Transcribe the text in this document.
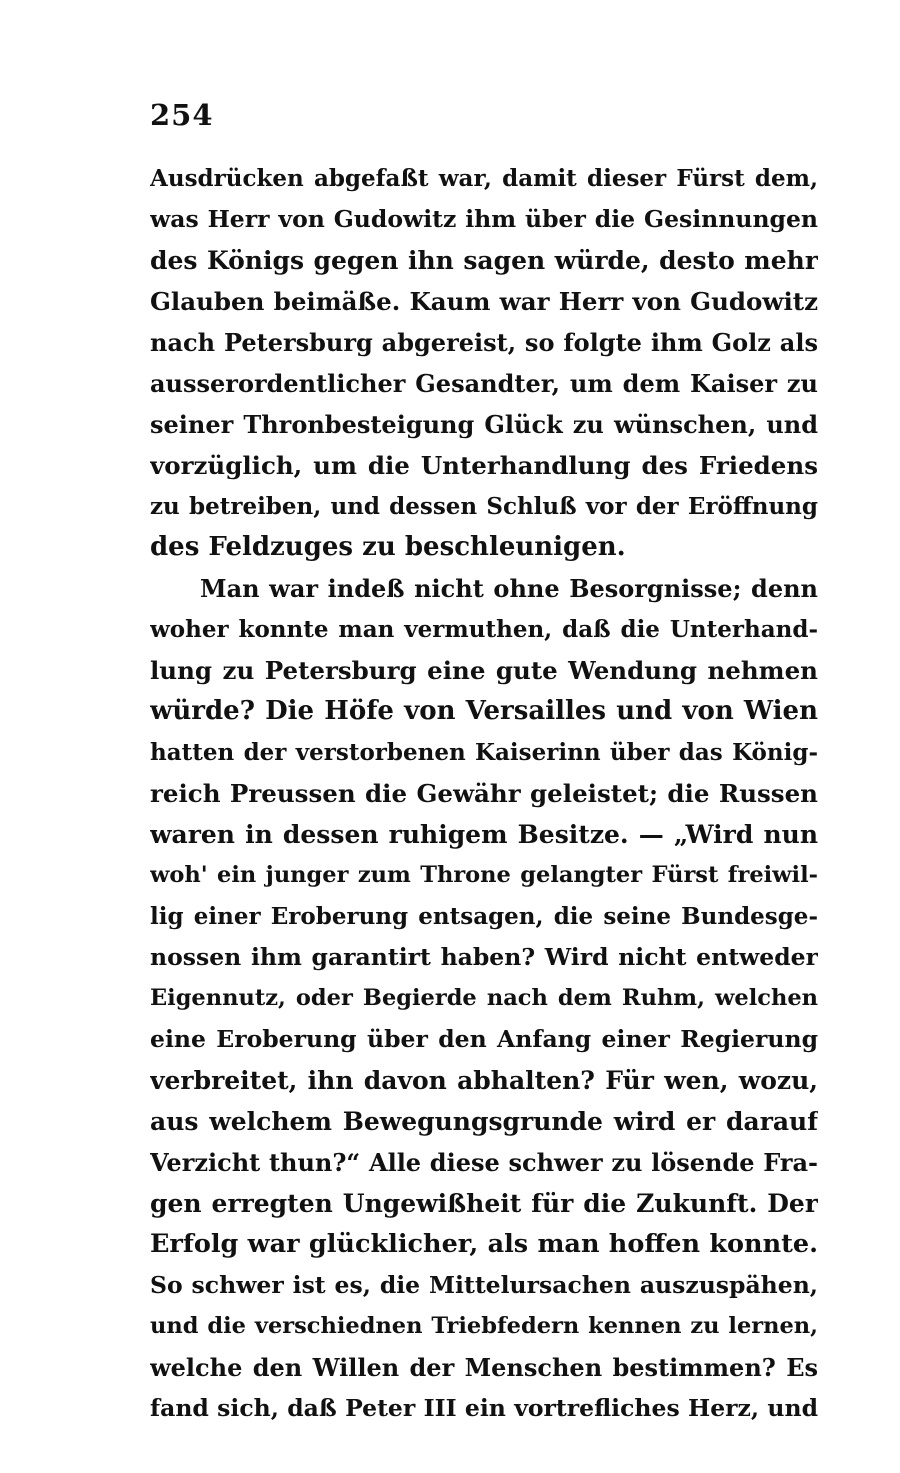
254
Ausdrücken abgefaßt war, damit dieser Fürst dem,
was Herr von Gudowitz ihm über die Gesinnungen
des Königs gegen ihn sagen würde, desto mehr
Glauben beimäße. Kaum war Herr von Gudowitz
nach Petersburg abgereist, so folgte ihm Golz als
ausserordentlicher Gesandter, um dem Kaiser zu
seiner Thronbesteigung Glück zu wünschen, und
vorzüglich, um die Unterhandlung des Friedens
zu betreiben, und dessen Schluß vor der Eröffnung
des Feldzuges zu beschleunigen.
Man war indeß nicht ohne Besorgnisse; denn
woher konnte man vermuthen, daß die Unterhand-
lung zu Petersburg eine gute Wendung nehmen
würde? Die Höfe von Versailles und von Wien
hatten der verstorbenen Kaiserinn über das König-
reich Preussen die Gewähr geleistet; die Russen
waren in dessen ruhigem Besitze. — „Wird nun
woh' ein junger zum Throne gelangter Fürst freiwil-
lig einer Eroberung entsagen, die seine Bundesge-
nossen ihm garantirt haben? Wird nicht entweder
Eigennutz, oder Begierde nach dem Ruhm, welchen
eine Eroberung über den Anfang einer Regierung
verbreitet, ihn davon abhalten? Für wen, wozu,
aus welchem Bewegungsgrunde wird er darauf
Verzicht thun?“ Alle diese schwer zu lösende Fra-
gen erregten Ungewißheit für die Zukunft. Der
Erfolg war glücklicher, als man hoffen konnte.
So schwer ist es, die Mittelursachen auszuspähen,
und die verschiednen Triebfedern kennen zu lernen,
welche den Willen der Menschen bestimmen? Es
fand sich, daß Peter III ein vortrefliches Herz, und
